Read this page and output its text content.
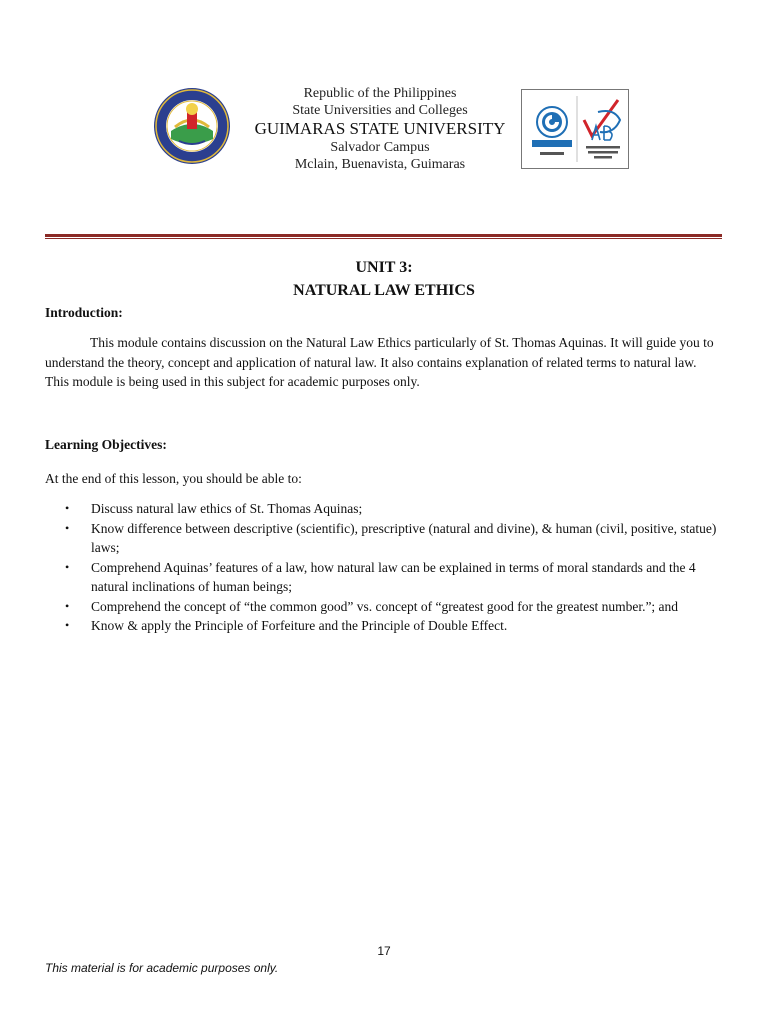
Republic of the Philippines
State Universities and Colleges
GUIMARAS STATE UNIVERSITY
Salvador Campus
Mclain, Buenavista, Guimaras
UNIT 3:
NATURAL LAW ETHICS
Introduction:
This module contains discussion on the Natural Law Ethics particularly of St. Thomas Aquinas. It will guide you to understand the theory, concept and application of natural law. It also contains explanation of related terms to natural law. This module is being used in this subject for academic purposes only.
Learning Objectives:
At the end of this lesson, you should be able to:
• Discuss natural law ethics of St. Thomas Aquinas;
• Know difference between descriptive (scientific), prescriptive (natural and divine), & human (civil, positive, statue) laws;
• Comprehend Aquinas’ features of a law, how natural law can be explained in terms of moral standards and the 4 natural inclinations of human beings;
• Comprehend the concept of “the common good” vs. concept of “greatest good for the greatest number.”; and
• Know & apply the Principle of Forfeiture and the Principle of Double Effect.
17
This material is for academic purposes only.
